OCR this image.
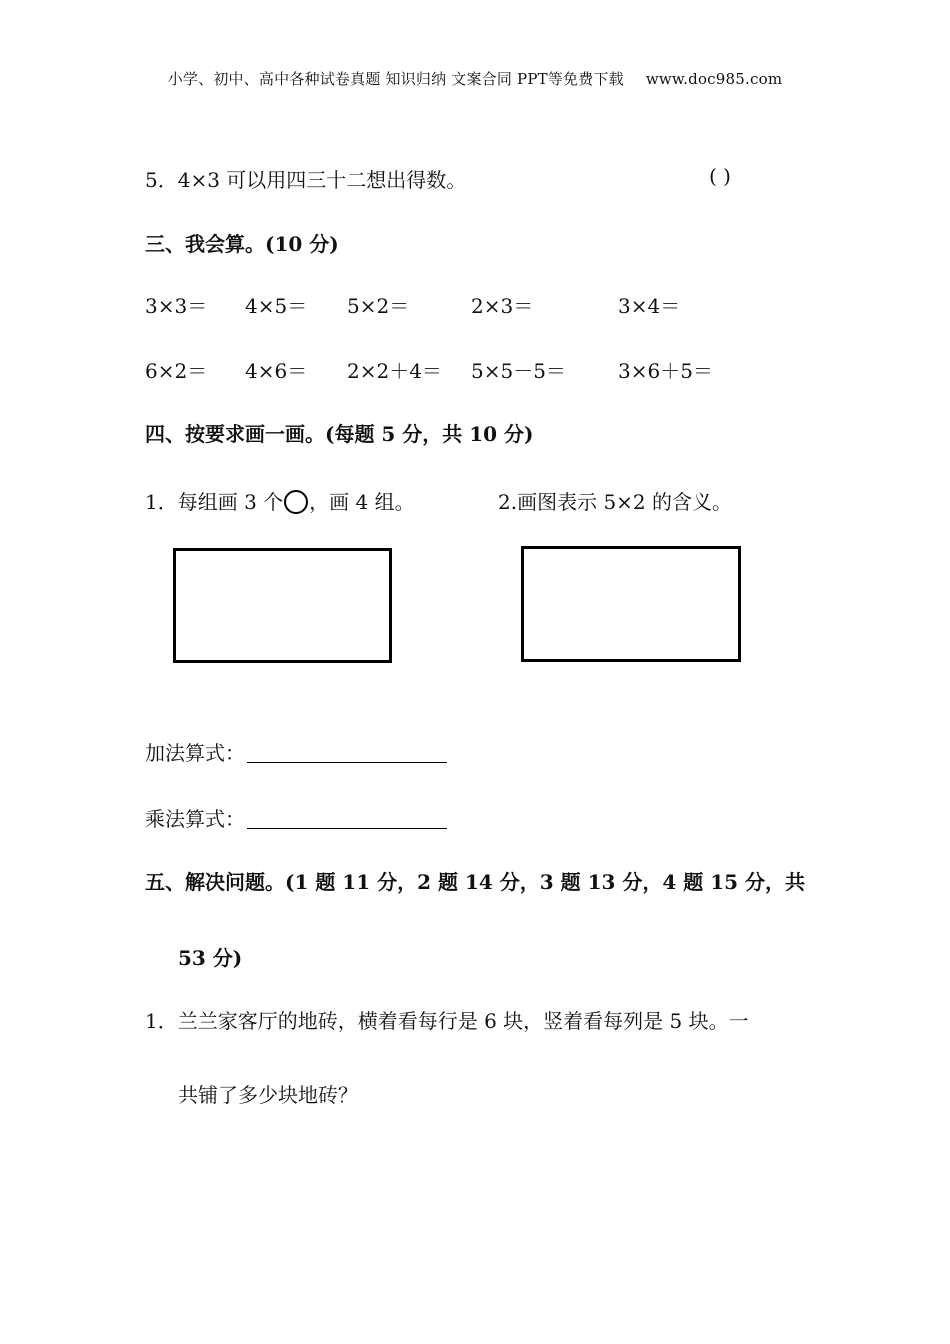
小学、初中、高中各种试卷真题 知识归纳 文案合同 PPT等免费下载 www.doc985.com
5．4×3 可以用四三十二想出得数。	( )
三、我会算。(10 分)
3×3＝ 4×5＝ 5×2＝	2×3＝	3×4＝
6×2＝ 4×6＝ 2×2＋4＝ 5×5－5＝	3×6＋5＝
四、按要求画一画。(每题 5 分，共 10 分)
1．每组画 3 个 ，画 4 组。	2.画图表示 5×2 的含义。
加法算式：
乘法算式：
五、解决问题。(1 题 11 分，2 题 14 分，3 题 13 分，4 题 15 分，共
53 分)
1．兰兰家客厅的地砖，横着看每行是 6 块，竖着看每列是 5 块。一
共铺了多少块地砖？
